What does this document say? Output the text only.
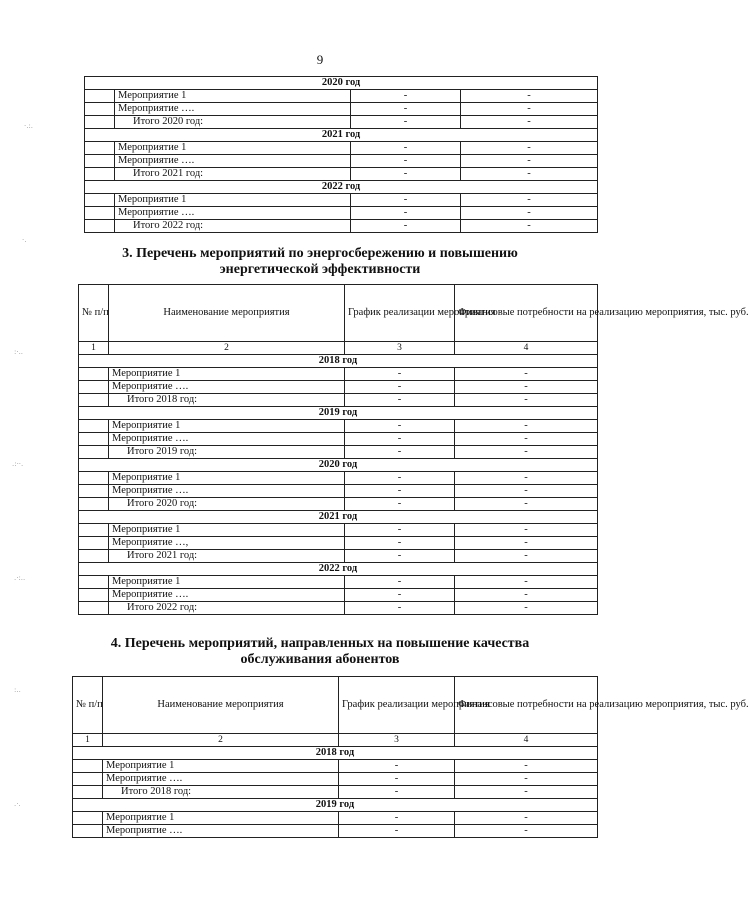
9
2020 год			
	Мероприятие 1	-	-
	Мероприятие ….	-	-
	Итого 2020 год:	-	-
2021 год			
	Мероприятие 1	-	-
	Мероприятие ….	-	-
	Итого 2021 год:	-	-
2022 год			
	Мероприятие 1	-	-
	Мероприятие ….	-	-
	Итого 2022 год:	-	-
·.:.
·.
:·..
.:··.
.·:..
:..
.·.
3. Перечень мероприятий по энергосбережению и повышению
энергетической эффективности
№ п/п	Наименование мероприятия	График реализации мероприятия	Финансовые потребности на реализацию мероприятия, тыс. руб.
1	2	3	4
2018 год			
	Мероприятие 1	-	-
	Мероприятие ….	-	-
	Итого 2018 год:	-	-
2019 год			
	Мероприятие 1	-	-
	Мероприятие ….	-	-
	Итого 2019 год:	-	-
2020 год			
	Мероприятие 1	-	-
	Мероприятие ….	-	-
	Итого 2020 год:	-	-
2021 год			
	Мероприятие 1	-	-
	Мероприятие …,	-	-
	Итого 2021 год:	-	-
2022 год			
	Мероприятие 1	-	-
	Мероприятие ….	-	-
	Итого 2022 год:	-	-
4. Перечень мероприятий, направленных на повышение качества
обслуживания абонентов
№ п/п	Наименование мероприятия	График реализации мероприятия	Финансовые потребности на реализацию мероприятия, тыс. руб.
1	2	3	4
2018 год			
	Мероприятие 1	-	-
	Мероприятие ….	-	-
	Итого 2018 год:	-	-
2019 год			
	Мероприятие 1	-	-
	Мероприятие ….	-	-
